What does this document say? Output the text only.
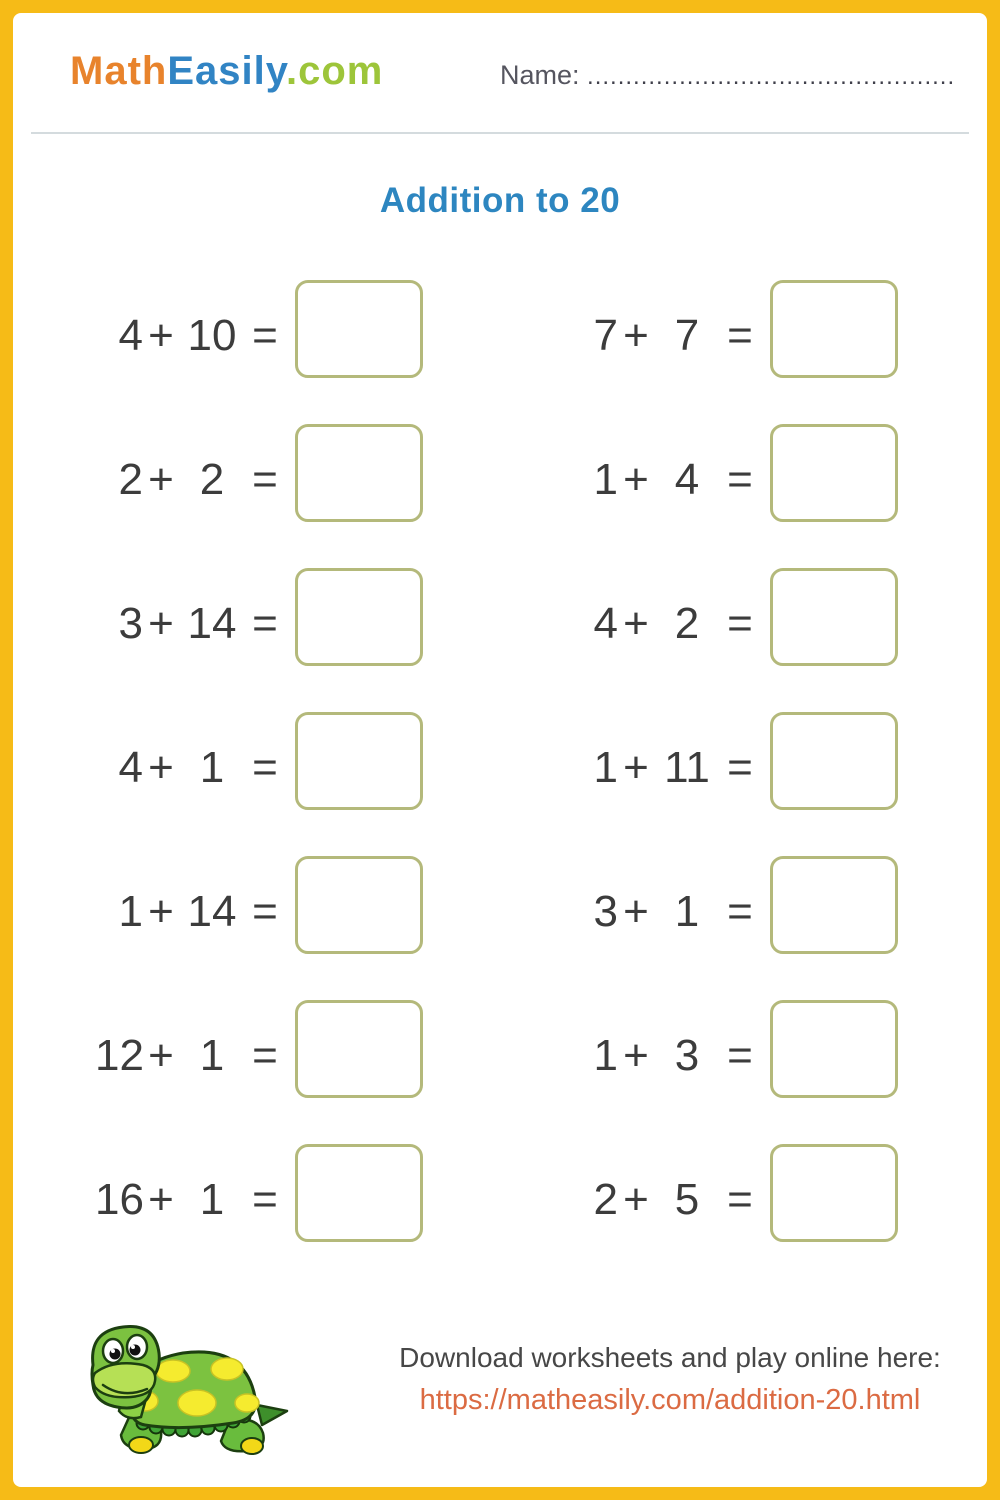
MathEasily.com	Name: ................................................
Addition to 20
4 + 10 =
2 + 2 =
3 + 14 =
4 + 1 =
1 + 14 =
12 + 1 =
16 + 1 =
7 + 7 =
1 + 4 =
4 + 2 =
1 + 11 =
3 + 1 =
1 + 3 =
2 + 5 =

Download worksheets and play online here:

https://matheasily.com/addition-20.html
